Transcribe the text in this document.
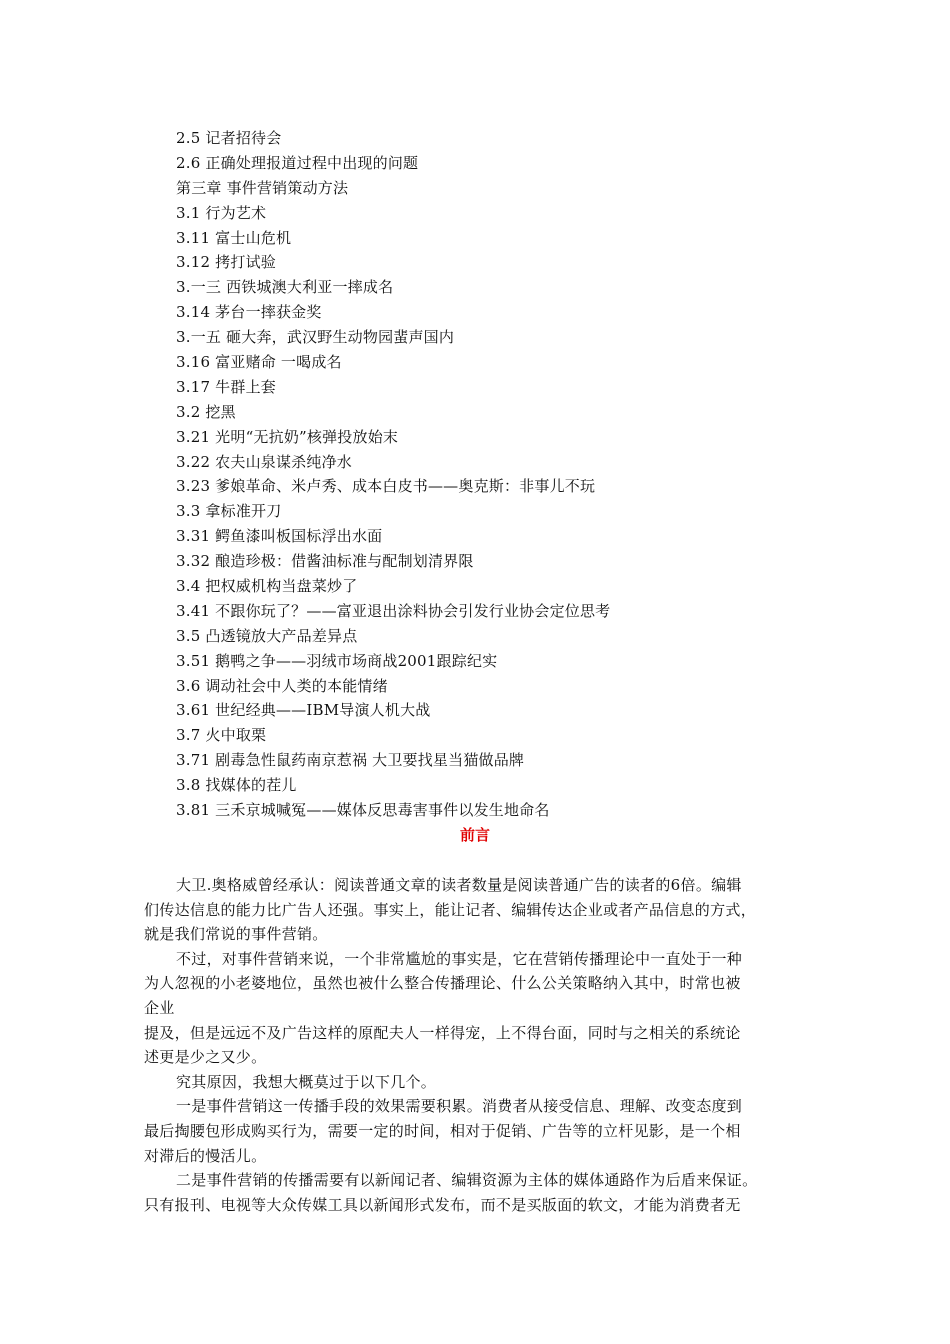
2.5 记者招待会
2.6 正确处理报道过程中出现的问题
第三章 事件营销策动方法
3.1 行为艺术
3.11 富士山危机
3.12 拷打试验
3.一三 西铁城澳大利亚一摔成名
3.14 茅台一摔获金奖
3.一五 砸大奔，武汉野生动物园蜚声国内
3.16 富亚赌命 一喝成名
3.17 牛群上套
3.2 挖黑
3.21 光明“无抗奶”核弹投放始末
3.22 农夫山泉谋杀纯净水
3.23 爹娘革命、米卢秀、成本白皮书——奥克斯：非事儿不玩
3.3 拿标准开刀
3.31 鳄鱼漆叫板国标浮出水面
3.32 酿造珍极：借酱油标准与配制划清界限
3.4 把权威机构当盘菜炒了
3.41 不跟你玩了？——富亚退出涂料协会引发行业协会定位思考
3.5 凸透镜放大产品差异点
3.51 鹅鸭之争——羽绒市场商战2001跟踪纪实
3.6 调动社会中人类的本能情绪
3.61 世纪经典——IBM导演人机大战
3.7 火中取栗
3.71 剧毒急性鼠药南京惹祸 大卫要找星当猫做品牌
3.8 找媒体的茬儿
3.81 三禾京城喊冤——媒体反思毒害事件以发生地命名
前言
大卫.奥格威曾经承认：阅读普通文章的读者数量是阅读普通广告的读者的6倍。编辑
们传达信息的能力比广告人还强。事实上，能让记者、编辑传达企业或者产品信息的方式，
就是我们常说的事件营销。
不过，对事件营销来说，一个非常尴尬的事实是，它在营销传播理论中一直处于一种
为人忽视的小老婆地位，虽然也被什么整合传播理论、什么公关策略纳入其中，时常也被
企业
提及，但是远远不及广告这样的原配夫人一样得宠，上不得台面，同时与之相关的系统论
述更是少之又少。
究其原因，我想大概莫过于以下几个。
一是事件营销这一传播手段的效果需要积累。消费者从接受信息、理解、改变态度到
最后掏腰包形成购买行为，需要一定的时间，相对于促销、广告等的立杆见影，是一个相
对滞后的慢活儿。
二是事件营销的传播需要有以新闻记者、编辑资源为主体的媒体通路作为后盾来保证。
只有报刊、电视等大众传媒工具以新闻形式发布，而不是买版面的软文，才能为消费者无
